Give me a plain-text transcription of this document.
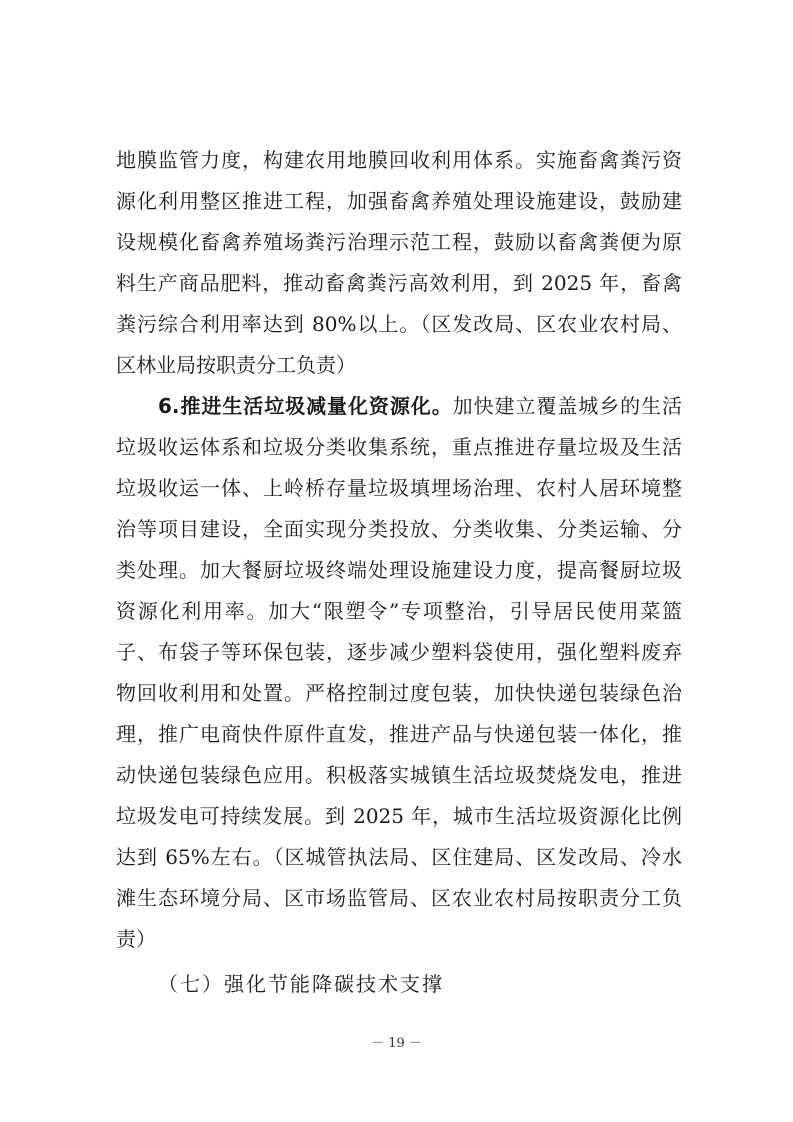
地膜监管力度，构建农用地膜回收利用体系。实施畜禽粪污资
源化利用整区推进工程，加强畜禽养殖处理设施建设，鼓励建
设规模化畜禽养殖场粪污治理示范工程，鼓励以畜禽粪便为原
料生产商品肥料，推动畜禽粪污高效利用，到 2025 年，畜禽
粪污综合利用率达到 80%以上。（区发改局、区农业农村局、
区林业局按职责分工负责）
6.推进生活垃圾减量化资源化。加快建立覆盖城乡的生活
垃圾收运体系和垃圾分类收集系统，重点推进存量垃圾及生活
垃圾收运一体、上岭桥存量垃圾填埋场治理、农村人居环境整
治等项目建设，全面实现分类投放、分类收集、分类运输、分
类处理。加大餐厨垃圾终端处理设施建设力度，提高餐厨垃圾
资源化利用率。加大“限塑令”专项整治，引导居民使用菜篮
子、布袋子等环保包装，逐步减少塑料袋使用，强化塑料废弃
物回收利用和处置。严格控制过度包装，加快快递包装绿色治
理，推广电商快件原件直发，推进产品与快递包装一体化，推
动快递包装绿色应用。积极落实城镇生活垃圾焚烧发电，推进
垃圾发电可持续发展。到 2025 年，城市生活垃圾资源化比例
达到 65%左右。（区城管执法局、区住建局、区发改局、冷水
滩生态环境分局、区市场监管局、区农业农村局按职责分工负
责）
（七）强化节能降碳技术支撑
－ 19 －
